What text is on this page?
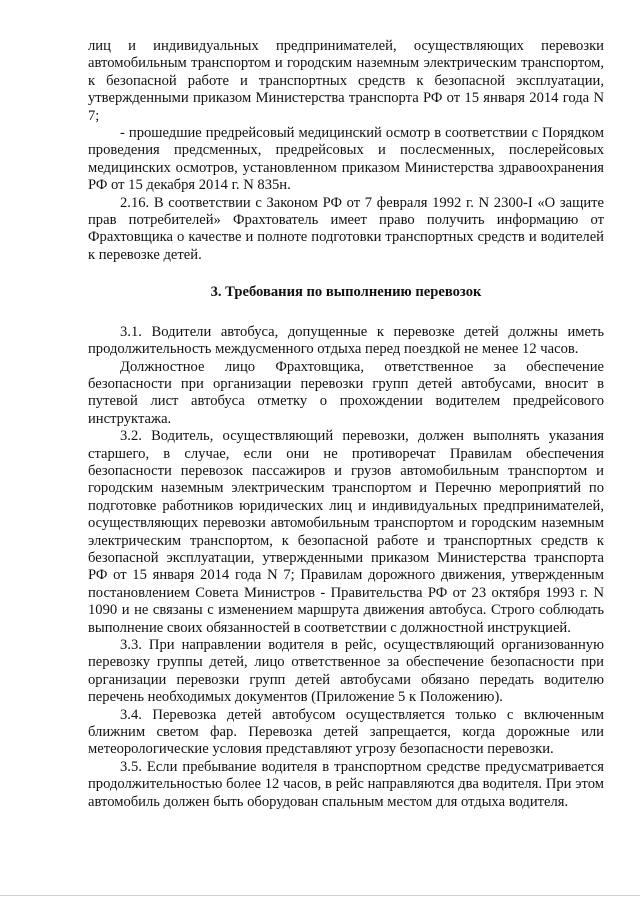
лиц и индивидуальных предпринимателей, осуществляющих перевозки автомобильным транспортом и городским наземным электрическим транспортом, к безопасной работе и транспортных средств к безопасной эксплуатации, утвержденными приказом Министерства транспорта РФ от 15 января 2014 года N 7;

- прошедшие предрейсовый медицинский осмотр в соответствии с Порядком проведения предсменных, предрейсовых и послесменных, послерейсовых медицинских осмотров, установленном приказом Министерства здравоохранения РФ от 15 декабря 2014 г. N 835н.

2.16. В соответствии с Законом РФ от 7 февраля 1992 г. N 2300-I «О защите прав потребителей» Фрахтователь имеет право получить информацию от Фрахтовщика о качестве и полноте подготовки транспортных средств и водителей к перевозке детей.

3. Требования по выполнению перевозок

3.1. Водители автобуса, допущенные к перевозке детей должны иметь продолжительность междусменного отдыха перед поездкой не менее 12 часов.

Должностное лицо Фрахтовщика, ответственное за обеспечение безопасности при организации перевозки групп детей автобусами, вносит в путевой лист автобуса отметку о прохождении водителем предрейсового инструктажа.

3.2. Водитель, осуществляющий перевозки, должен выполнять указания старшего, в случае, если они не противоречат Правилам обеспечения безопасности перевозок пассажиров и грузов автомобильным транспортом и городским наземным электрическим транспортом и Перечню мероприятий по подготовке работников юридических лиц и индивидуальных предпринимателей, осуществляющих перевозки автомобильным транспортом и городским наземным электрическим транспортом, к безопасной работе и транспортных средств к безопасной эксплуатации, утвержденными приказом Министерства транспорта РФ от 15 января 2014 года N 7; Правилам дорожного движения, утвержденным постановлением Совета Министров - Правительства РФ от 23 октября 1993 г. N 1090 и не связаны с изменением маршрута движения автобуса. Строго соблюдать выполнение своих обязанностей в соответствии с должностной инструкцией.

3.3. При направлении водителя в рейс, осуществляющий организованную перевозку группы детей, лицо ответственное за обеспечение безопасности при организации перевозки групп детей автобусами обязано передать водителю перечень необходимых документов (Приложение 5 к Положению).

3.4. Перевозка детей автобусом осуществляется только с включенным ближним светом фар. Перевозка детей запрещается, когда дорожные или метеорологические условия представляют угрозу безопасности перевозки.

3.5. Если пребывание водителя в транспортном средстве предусматривается продолжительностью более 12 часов, в рейс направляются два водителя. При этом автомобиль должен быть оборудован спальным местом для отдыха водителя.
